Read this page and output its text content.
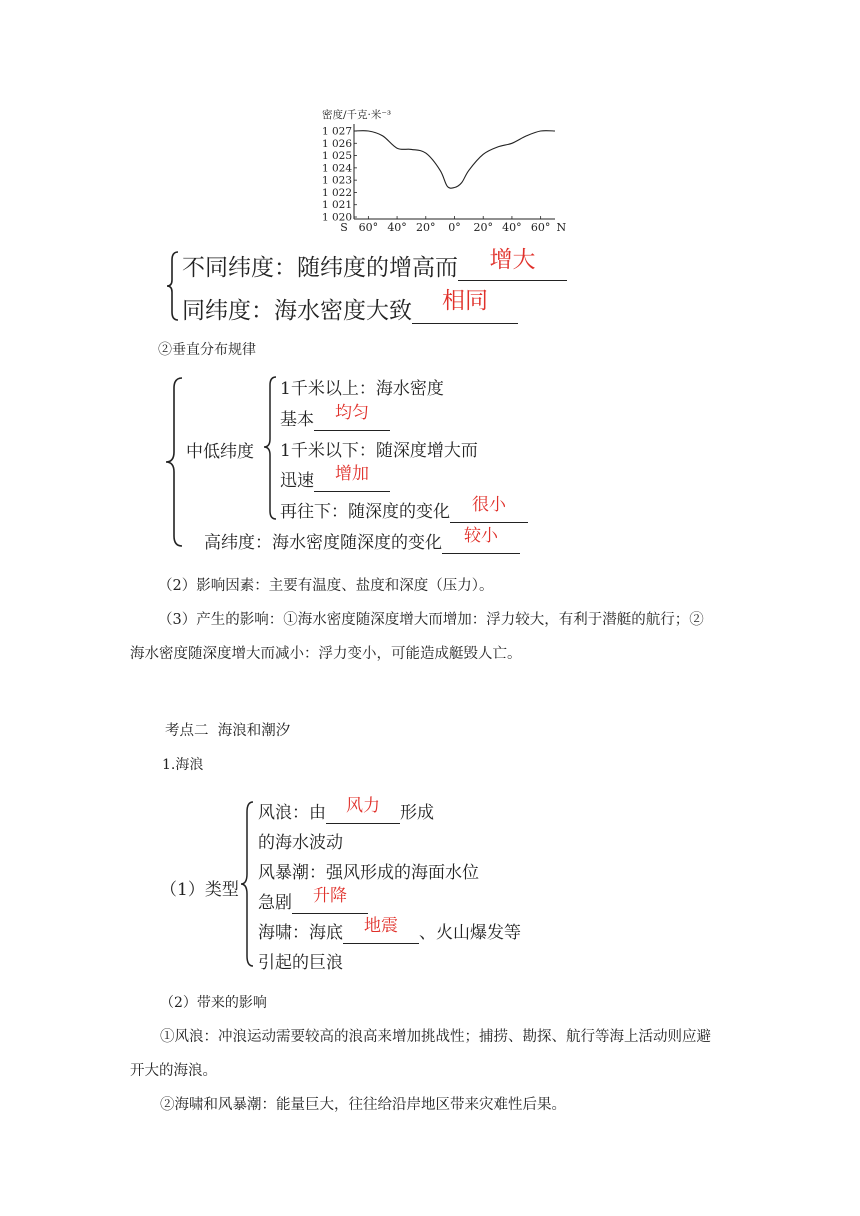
密度/千克·米⁻³
1 027
1 026
1 025
1 024
1 023
1 022
1 021
1 020
S 60° 40° 20° 0° 20° 40° 60° N
不同纬度：随纬度的增高而 增大
同纬度：海水密度大致 相同
②垂直分布规律
中低纬度
1千米以上：海水密度
基本 均匀
1千米以下：随深度增大而
迅速 增加
再往下：随深度的变化 很小
高纬度：海水密度随深度的变化 较小
（2）影响因素：主要有温度、盐度和深度（压力）。
（3）产生的影响：①海水密度随深度增大而增加：浮力较大，有利于潜艇的航行；②
海水密度随深度增大而减小：浮力变小，可能造成艇毁人亡。
考点二  海浪和潮汐
1.海浪
（1）类型
风浪：由 风力 形成
的海水波动
风暴潮：强风形成的海面水位
急剧 升降
海啸：海底 地震 、火山爆发等
引起的巨浪
（2）带来的影响
①风浪：冲浪运动需要较高的浪高来增加挑战性；捕捞、勘探、航行等海上活动则应避
开大的海浪。
②海啸和风暴潮：能量巨大，往往给沿岸地区带来灾难性后果。
